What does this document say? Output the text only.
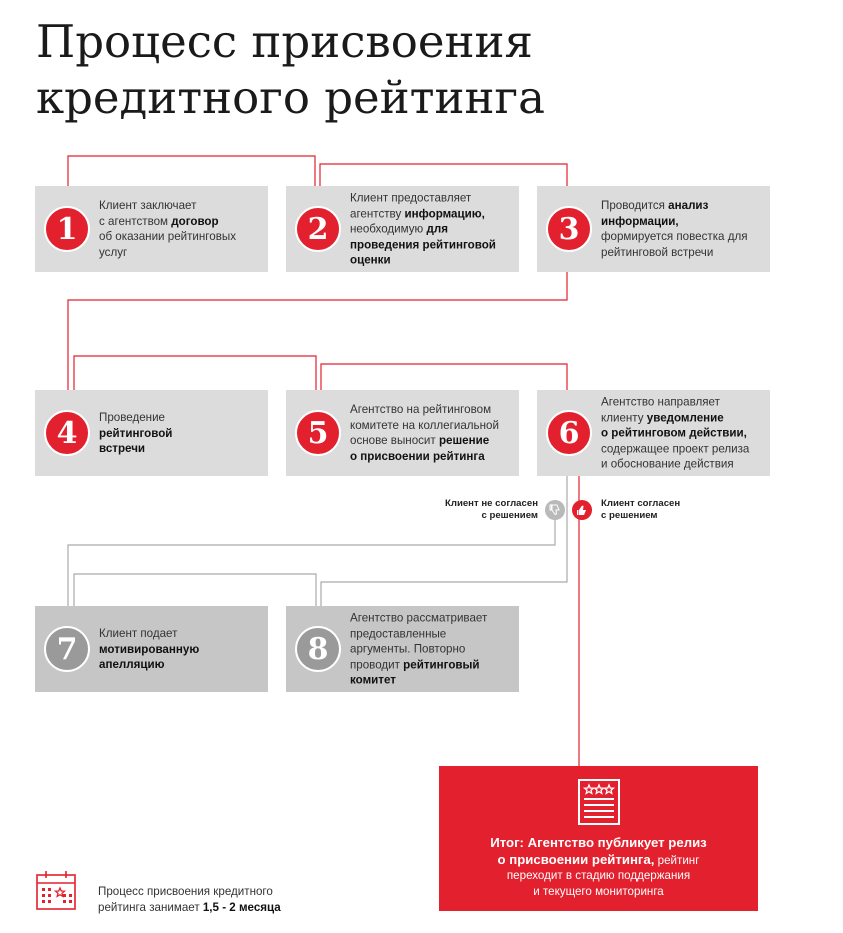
Процесс присвоения
кредитного рейтинга
1
Клиент заключает
с агентством договор
об оказании рейтинговых
услуг
2
Клиент предоставляет
агентству информацию,
необходимую для
проведения рейтинговой
оценки
3
Проводится анализ
информации,
формируется повестка для
рейтинговой встречи
4	Проведение
рейтинговой
встречи	5
Агентство на рейтинговом
комитете на коллегиальной
основе выносит решение
о присвоении рейтинга
6
Агентство направляет
клиенту уведомление
о рейтинговом действии,
содержащее проект релиза
и обоснование действия
Клиент не согласен
с решением
Клиент согласен
с решением
7	Клиент подает
мотивированную
апелляцию	8
Агентство рассматривает
предоставленные
аргументы. Повторно
проводит рейтинговый
комитет
Итог: Агентство публикует релиз
о присвоении рейтинга, рейтинг
переходит в стадию поддержания
и текущего мониторинга
Процесс присвоения кредитного
рейтинга занимает 1,5 - 2 месяца
